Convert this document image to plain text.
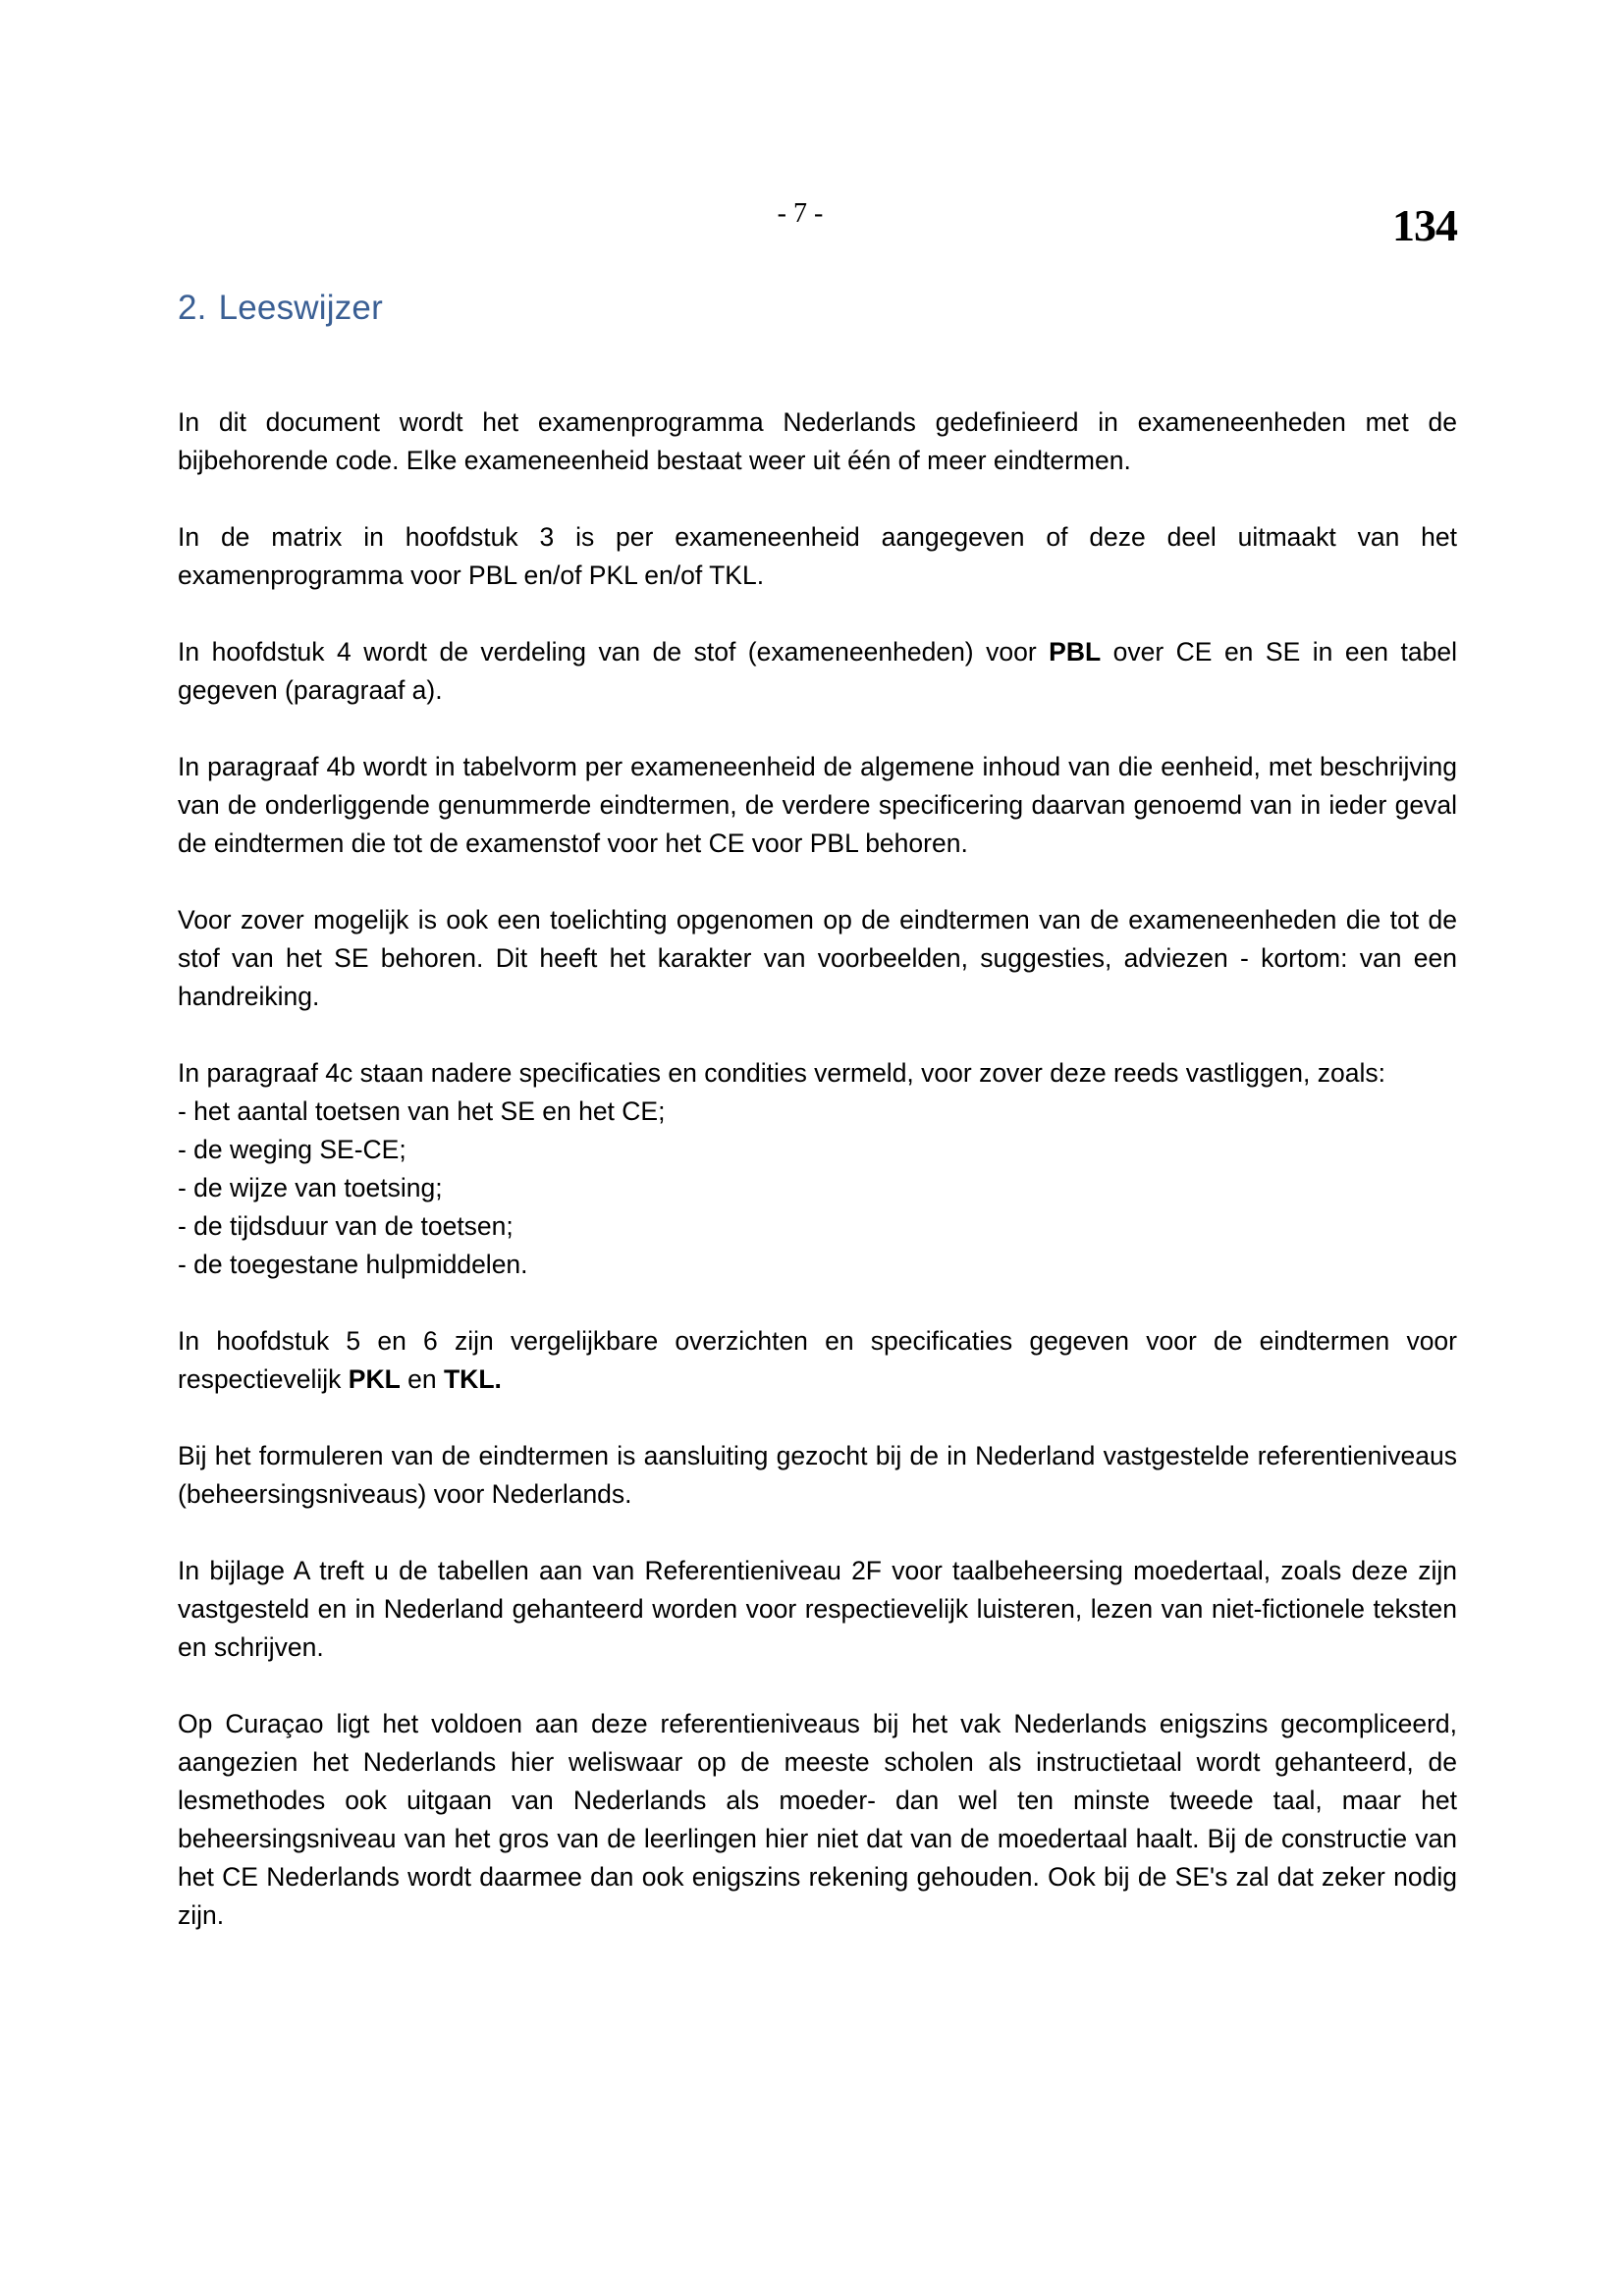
- 7 -	134
2. Leeswijzer

In dit document wordt het examenprogramma Nederlands gedefinieerd in exameneenheden met de bijbehorende code. Elke exameneenheid bestaat weer uit één of meer eindtermen.

In de matrix in hoofdstuk 3 is per exameneenheid aangegeven of deze deel uitmaakt van het examenprogramma voor PBL en/of PKL en/of TKL.

In hoofdstuk 4 wordt de verdeling van de stof (exameneenheden) voor PBL over CE en SE in een tabel gegeven (paragraaf a).

In paragraaf 4b wordt in tabelvorm per exameneenheid de algemene inhoud van die eenheid, met beschrijving van de onderliggende genummerde eindtermen, de verdere specificering daarvan genoemd van in ieder geval de eindtermen die tot de examenstof voor het CE voor PBL behoren.

Voor zover mogelijk is ook een toelichting opgenomen op de eindtermen van de exameneenheden die tot de stof van het SE behoren. Dit heeft het karakter van voorbeelden, suggesties, adviezen - kortom: van een handreiking.

In paragraaf 4c staan nadere specificaties en condities vermeld, voor zover deze reeds vastliggen, zoals:

- het aantal toetsen van het SE en het CE;
- de weging SE-CE;
- de wijze van toetsing;
- de tijdsduur van de toetsen;
- de toegestane hulpmiddelen.

In hoofdstuk 5 en 6 zijn vergelijkbare overzichten en specificaties gegeven voor de eindtermen voor respectievelijk PKL en TKL.

Bij het formuleren van de eindtermen is aansluiting gezocht bij de in Nederland vastgestelde referentieniveaus (beheersingsniveaus) voor Nederlands.

In bijlage A treft u de tabellen aan van Referentieniveau 2F voor taalbeheersing moedertaal, zoals deze zijn vastgesteld en in Nederland gehanteerd worden voor respectievelijk luisteren, lezen van niet-fictionele teksten en schrijven.

Op Curaçao ligt het voldoen aan deze referentieniveaus bij het vak Nederlands enigszins gecompliceerd, aangezien het Nederlands hier weliswaar op de meeste scholen als instructietaal wordt gehanteerd, de lesmethodes ook uitgaan van Nederlands als moeder- dan wel ten minste tweede taal, maar het beheersingsniveau van het gros van de leerlingen hier niet dat van de moedertaal haalt. Bij de constructie van het CE Nederlands wordt daarmee dan ook enigszins rekening gehouden. Ook bij de SE's zal dat zeker nodig zijn.
